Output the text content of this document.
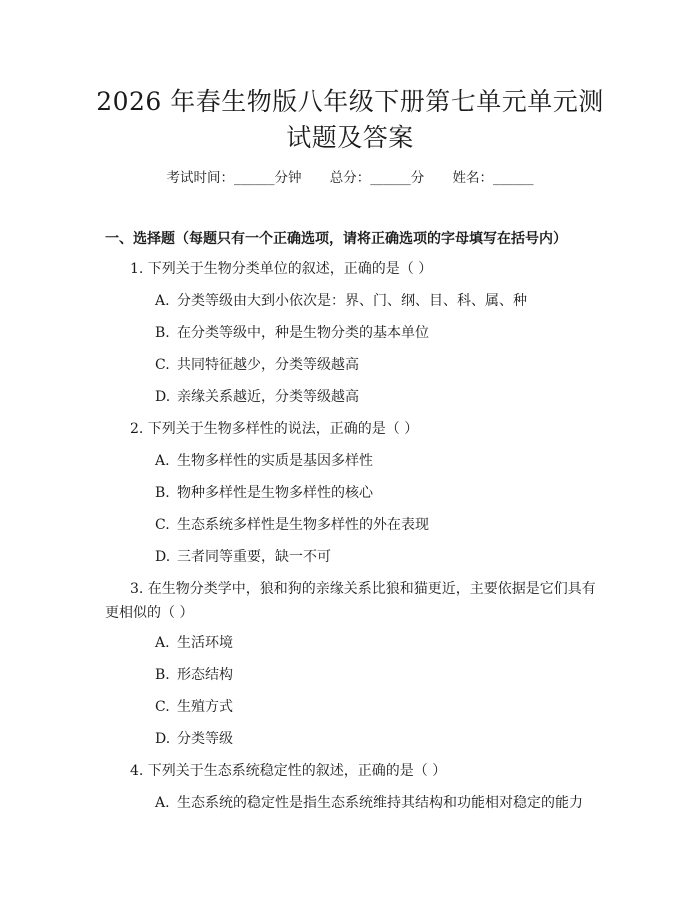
2026 年春生物版八年级下册第七单元单元测
试题及答案
考试时间：______分钟 总分：______分 姓名：______
一、选择题（每题只有一个正确选项，请将正确选项的字母填写在括号内）
1. 下列关于生物分类单位的叙述，正确的是（ ）
A. 分类等级由大到小依次是：界、门、纲、目、科、属、种
B. 在分类等级中，种是生物分类的基本单位
C. 共同特征越少，分类等级越高
D. 亲缘关系越近，分类等级越高
2. 下列关于生物多样性的说法，正确的是（ ）
A. 生物多样性的实质是基因多样性
B. 物种多样性是生物多样性的核心
C. 生态系统多样性是生物多样性的外在表现
D. 三者同等重要，缺一不可
3. 在生物分类学中，狼和狗的亲缘关系比狼和猫更近，主要依据是它们具有
更相似的（ ）
A. 生活环境
B. 形态结构
C. 生殖方式
D. 分类等级
4. 下列关于生态系统稳定性的叙述，正确的是（ ）
A. 生态系统的稳定性是指生态系统维持其结构和功能相对稳定的能力
